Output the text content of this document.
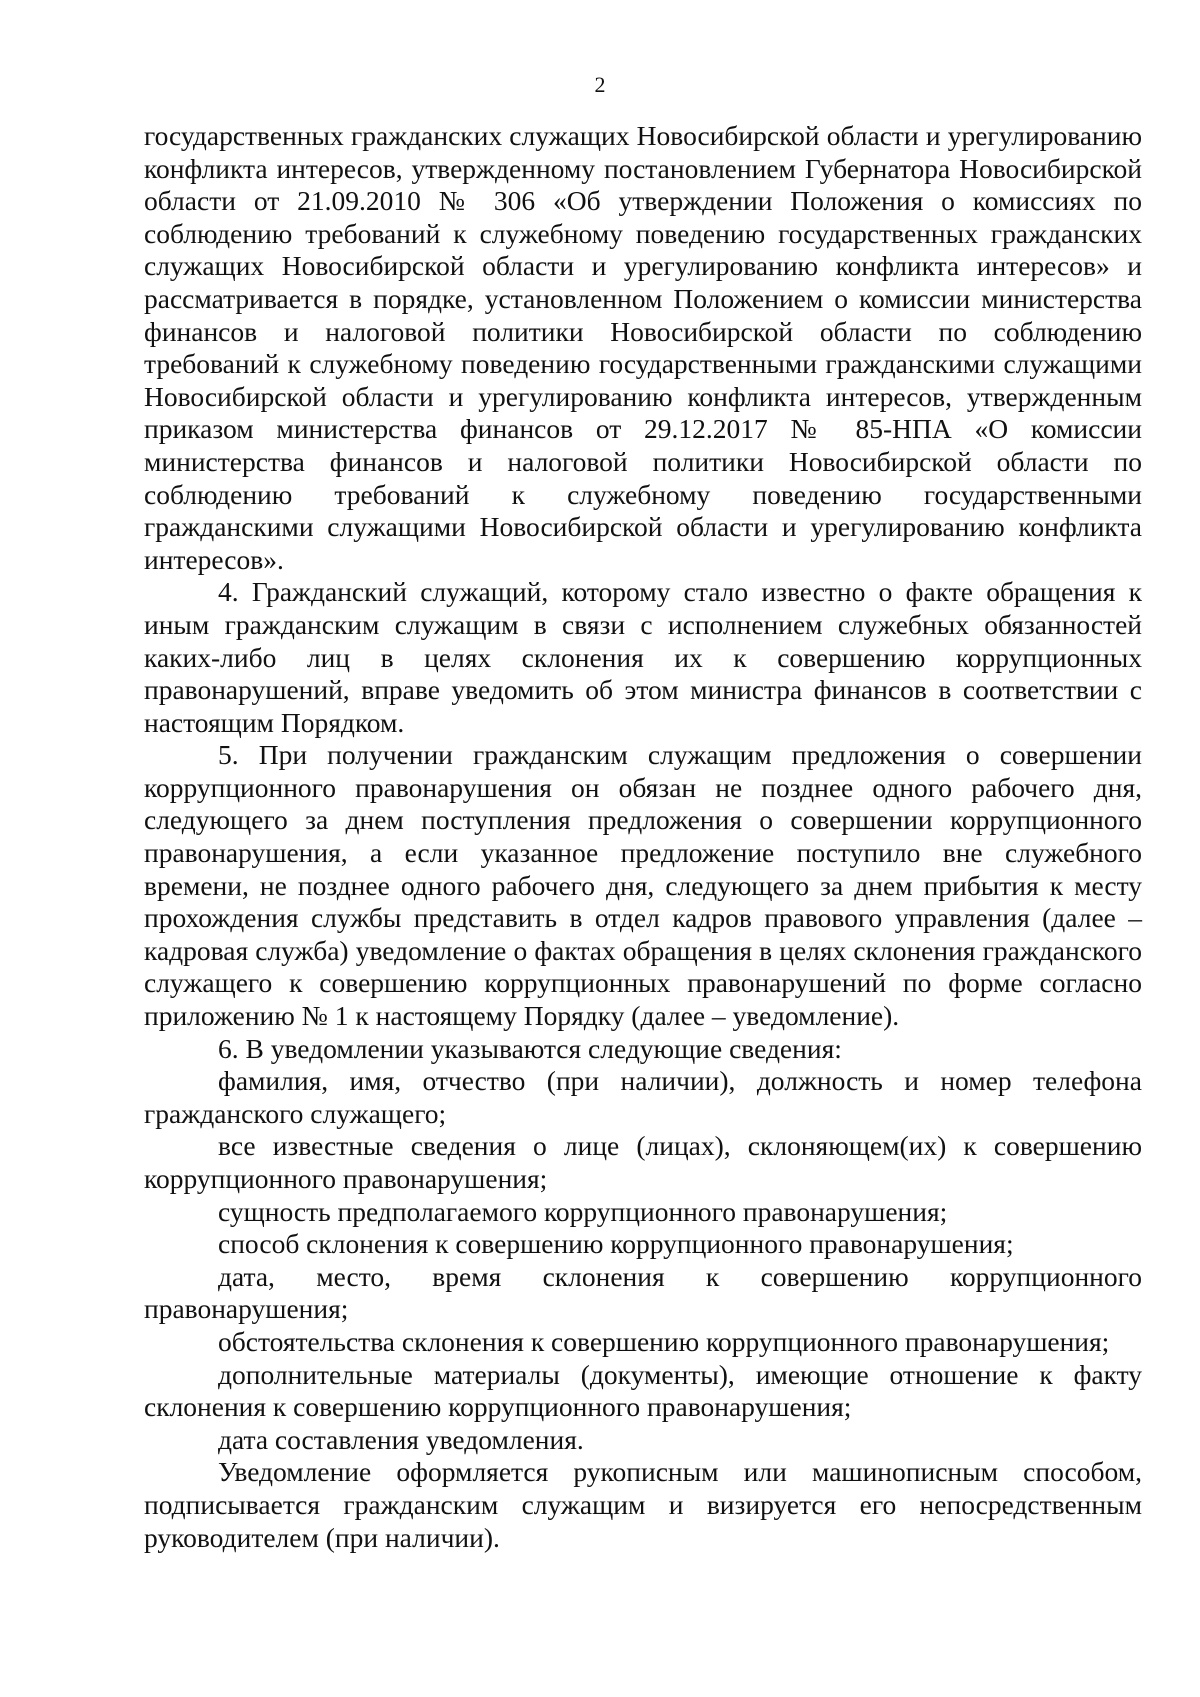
2

государственных гражданских служащих Новосибирской области и урегулированию конфликта интересов, утвержденному постановлением Губернатора Новосибирской области от 21.09.2010 № 306 «Об утверждении Положения о комиссиях по соблюдению требований к служебному поведению государственных гражданских служащих Новосибирской области и урегулированию конфликта интересов» и рассматривается в порядке, установленном Положением о комиссии министерства финансов и налоговой политики Новосибирской области по соблюдению требований к служебному поведению государственными гражданскими служащими Новосибирской области и урегулированию конфликта интересов, утвержденным приказом министерства финансов от 29.12.2017 № 85-НПА «О комиссии министерства финансов и налоговой политики Новосибирской области по соблюдению требований к служебному поведению государственными гражданскими служащими Новосибирской области и урегулированию конфликта интересов».

4. Гражданский служащий, которому стало известно о факте обращения к иным гражданским служащим в связи с исполнением служебных обязанностей каких-либо лиц в целях склонения их к совершению коррупционных правонарушений, вправе уведомить об этом министра финансов в соответствии с настоящим Порядком.

5. При получении гражданским служащим предложения о совершении коррупционного правонарушения он обязан не позднее одного рабочего дня, следующего за днем поступления предложения о совершении коррупционного правонарушения, а если указанное предложение поступило вне служебного времени, не позднее одного рабочего дня, следующего за днем прибытия к месту прохождения службы представить в отдел кадров правового управления (далее – кадровая служба) уведомление о фактах обращения в целях склонения гражданского служащего к совершению коррупционных правонарушений по форме согласно приложению № 1 к настоящему Порядку (далее – уведомление).

6. В уведомлении указываются следующие сведения:

фамилия, имя, отчество (при наличии), должность и номер телефона гражданского служащего;

все известные сведения о лице (лицах), склоняющем(их) к совершению коррупционного правонарушения;

сущность предполагаемого коррупционного правонарушения;

способ склонения к совершению коррупционного правонарушения;

дата, место, время склонения к совершению коррупционного правонарушения;

обстоятельства склонения к совершению коррупционного правонарушения;

дополнительные материалы (документы), имеющие отношение к факту склонения к совершению коррупционного правонарушения;

дата составления уведомления.

Уведомление оформляется рукописным или машинописным способом, подписывается гражданским служащим и визируется его непосредственным руководителем (при наличии).
